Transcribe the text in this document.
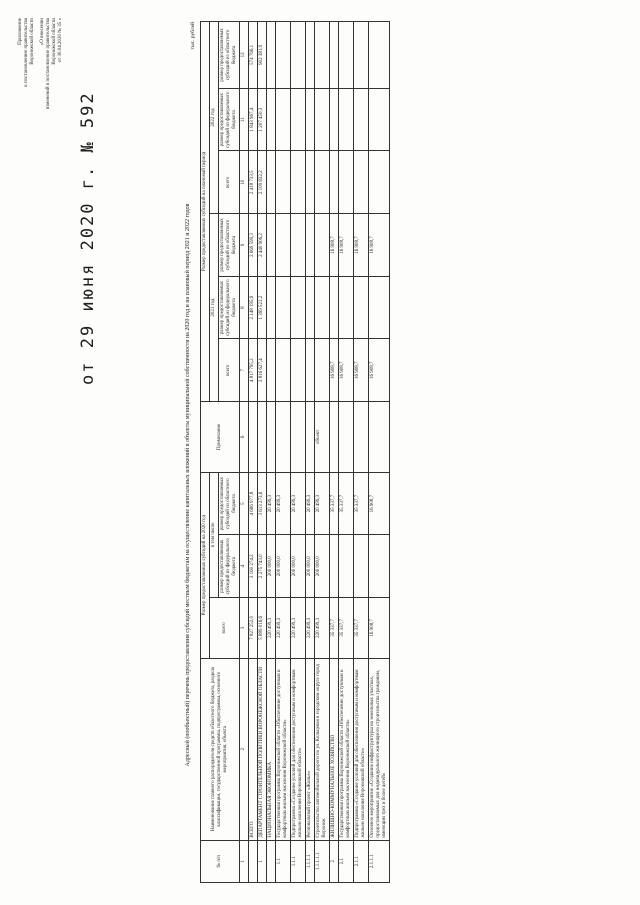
Приложение к постановлению правительства Воронежской области «О внесении изменений в постановление правительства Воронежской области от 30.04.2020 № 35 »
от 29 июня 2020 г. № 592	Адресный (пообъектный) перечень предоставления субсидий местным бюджетам на осуществление капитальных вложений в объекты муниципальной собственности на 2020 год и на плановый период 2021 и 2022 годов
тыс. рублей
№ п/п	Наименование главного распорядителя средств областного бюджета, раздела классификации, государственной программы, подпрограммы, основного мероприятия, объекта	Размер предоставляемых субсидий на 2020 год			Примечание	Размер предоставляемых субсидий на плановый период					
		всего	в том числе			2021 год			2022 год		
			размер предоставляемых субсидий из федерального бюджета	размер предоставляемых субсидий из областного бюджета		всего	размер предоставляемых субсидий из федерального бюджета	размер предоставляемых субсидий из областного бюджета	всего	размер предоставляемых субсидий из федерального бюджета	размер предоставляемых субсидий из областного бюджета

1	2	3	4	5	6	7	8	9	10	11	12
	ВСЕГО	7 827 252,0	3 160 274,2	4 666 977,8		4 817 795,2	2 148 195,9	2 669 599,3	2 418 733,5	1 843 967,4	574 766,1
1	ДЕПАРТАМЕНТ СТРОИТЕЛЬНОЙ ПОЛИТИКИ ВОРОНЕЖСКОЙ ОБЛАСТИ	5 889 016,6	2 275 743,0	3 613 273,6		3 816 627,4	1 399 521,2	2 440 906,2	2 109 832,2	1 207 450,3	902 381,9
	НАЦИОНАЛЬНАЯ ЭКОНОМИКА	220 499,3	200 000,0	20 499,3							
1.1	Государственная программа Воронежской области «Обеспечение доступным и комфортным жильем населения Воронежской области»	220 499,3	200 000,0	20 499,3							
1.1.1	Подпрограмма «Создание условий для обеспечения доступным и комфортным жильем населения Воронежской области»	220 499,3	200 000,0	20 499,3							
1.1.1.1	Региональный проект «Жилье»	220 499,3	200 000,0	20 499,3							
1.1.1.1.1	Строительство автомобильной дороги по ул. Кольцевая в городском округе город Воронеж	220 499,3	200 000,0	20 499,3	объект						
2	ЖИЛИЩНО-КОММУНАЛЬНОЕ ХОЗЯЙСТВО	35 337,7		35 337,7		16 908,7		16 908,7			
2.1	Государственная программа Воронежской области «Обеспечение доступным и комфортным жильем населения Воронежской области»	35 337,7		35 337,7		16 908,7		16 908,7			
2.1.1	Подпрограмма «Создание условий для обеспечения доступным и комфортным жильем населения Воронежской области»	35 337,7		35 337,7		16 908,7		16 908,7			
2.1.1.1	Основное мероприятие «Создание инфраструктуры на земельных участках, предоставляемых для индивидуального жилищного строительства гражданам, имеющим трех и более детей»	16 908,7		16 908,7		16 908,7		16 908,7			
